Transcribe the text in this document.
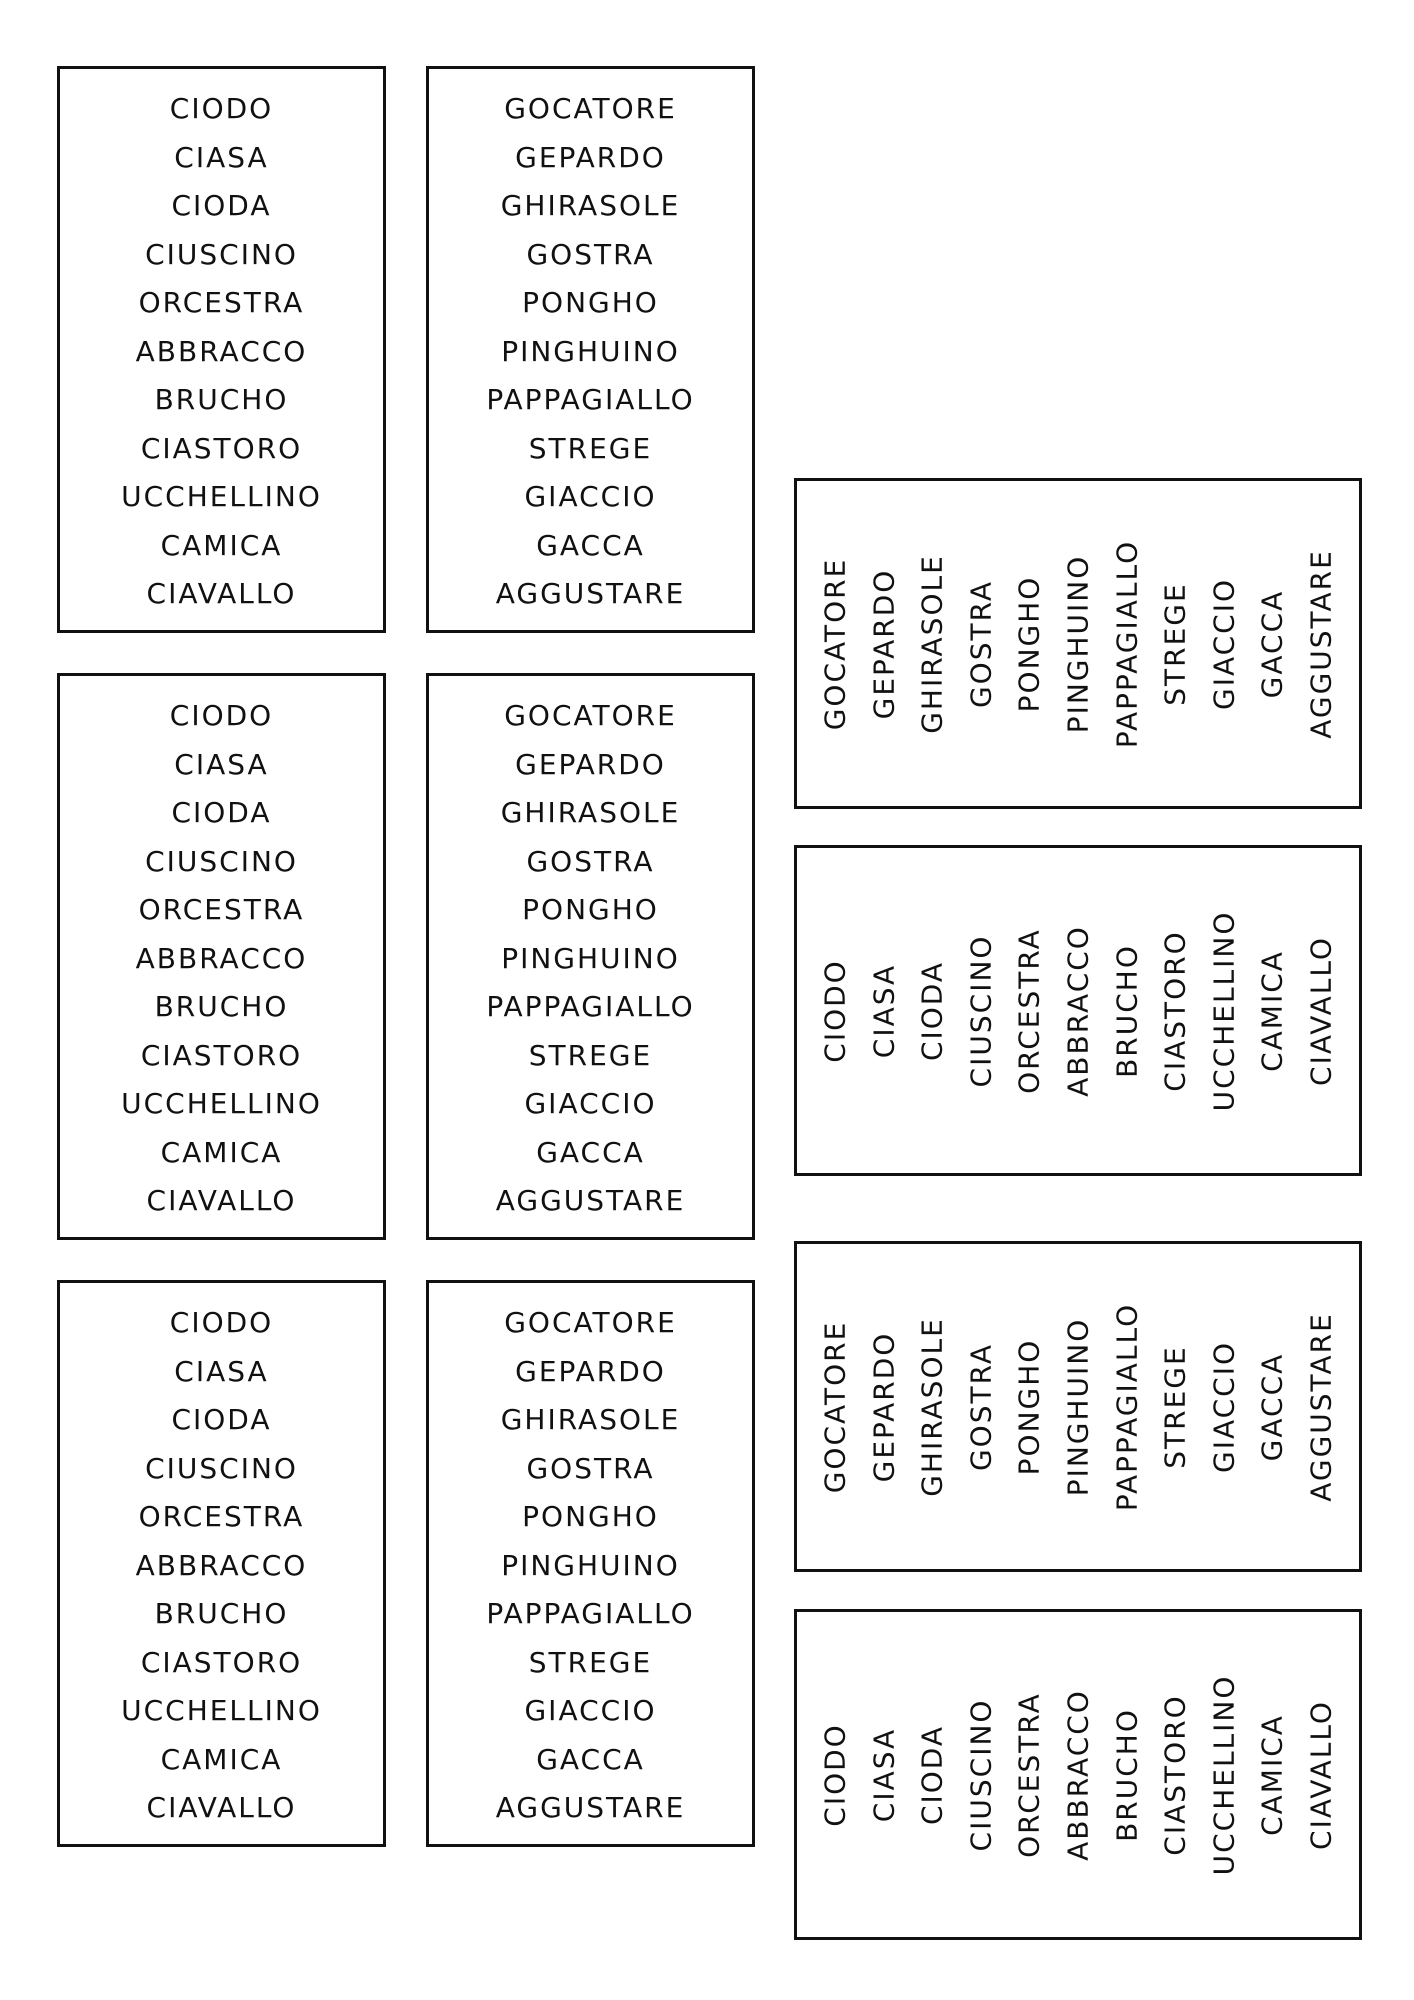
CIODO
CIASA
CIODA
CIUSCINO
ORCESTRA
ABBRACCO
BRUCHO
CIASTORO
UCCHELLINO
CAMICA
CIAVALLO
GOCATORE
GEPARDO
GHIRASOLE
GOSTRA
PONGHO
PINGHUINO
PAPPAGIALLO
STREGE
GIACCIO
GACCA
AGGUSTARE
CIODO
CIASA
CIODA
CIUSCINO
ORCESTRA
ABBRACCO
BRUCHO
CIASTORO
UCCHELLINO
CAMICA
CIAVALLO
GOCATORE
GEPARDO
GHIRASOLE
GOSTRA
PONGHO
PINGHUINO
PAPPAGIALLO
STREGE
GIACCIO
GACCA
AGGUSTARE
CIODO
CIASA
CIODA
CIUSCINO
ORCESTRA
ABBRACCO
BRUCHO
CIASTORO
UCCHELLINO
CAMICA
CIAVALLO
GOCATORE
GEPARDO
GHIRASOLE
GOSTRA
PONGHO
PINGHUINO
PAPPAGIALLO
STREGE
GIACCIO
GACCA
AGGUSTARE
GOCATORE GEPARDO GHIRASOLE GOSTRA PONGHO PINGHUINO PAPPAGIALLO STREGE GIACCIO GACCA AGGUSTARE
CIODO CIASA CIODA CIUSCINO ORCESTRA ABBRACCO BRUCHO CIASTORO UCCHELLINO CAMICA CIAVALLO
GOCATORE GEPARDO GHIRASOLE GOSTRA PONGHO PINGHUINO PAPPAGIALLO STREGE GIACCIO GACCA AGGUSTARE
CIODO CIASA CIODA CIUSCINO ORCESTRA ABBRACCO BRUCHO CIASTORO UCCHELLINO CAMICA CIAVALLO
